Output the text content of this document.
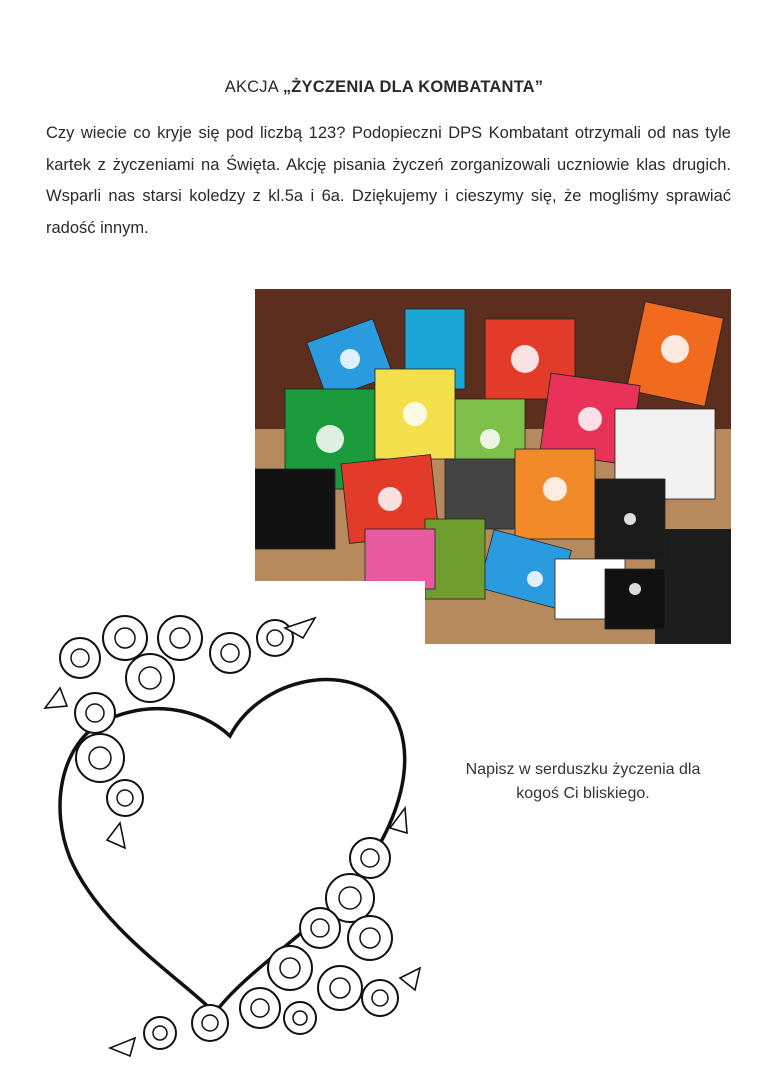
AKCJA „ŻYCZENIA DLA KOMBATANTA”
Czy wiecie co kryje się pod liczbą 123? Podopieczni DPS Kombatant otrzymali od nas tyle kartek z życzeniami na Święta. Akcję pisania życzeń zorganizowali uczniowie klas drugich. Wsparli nas starsi koledzy z kl.5a i 6a. Dziękujemy i cieszymy się, że mogliśmy sprawiać radość innym.
Napisz w serduszku życzenia dla
kogoś Ci bliskiego.
